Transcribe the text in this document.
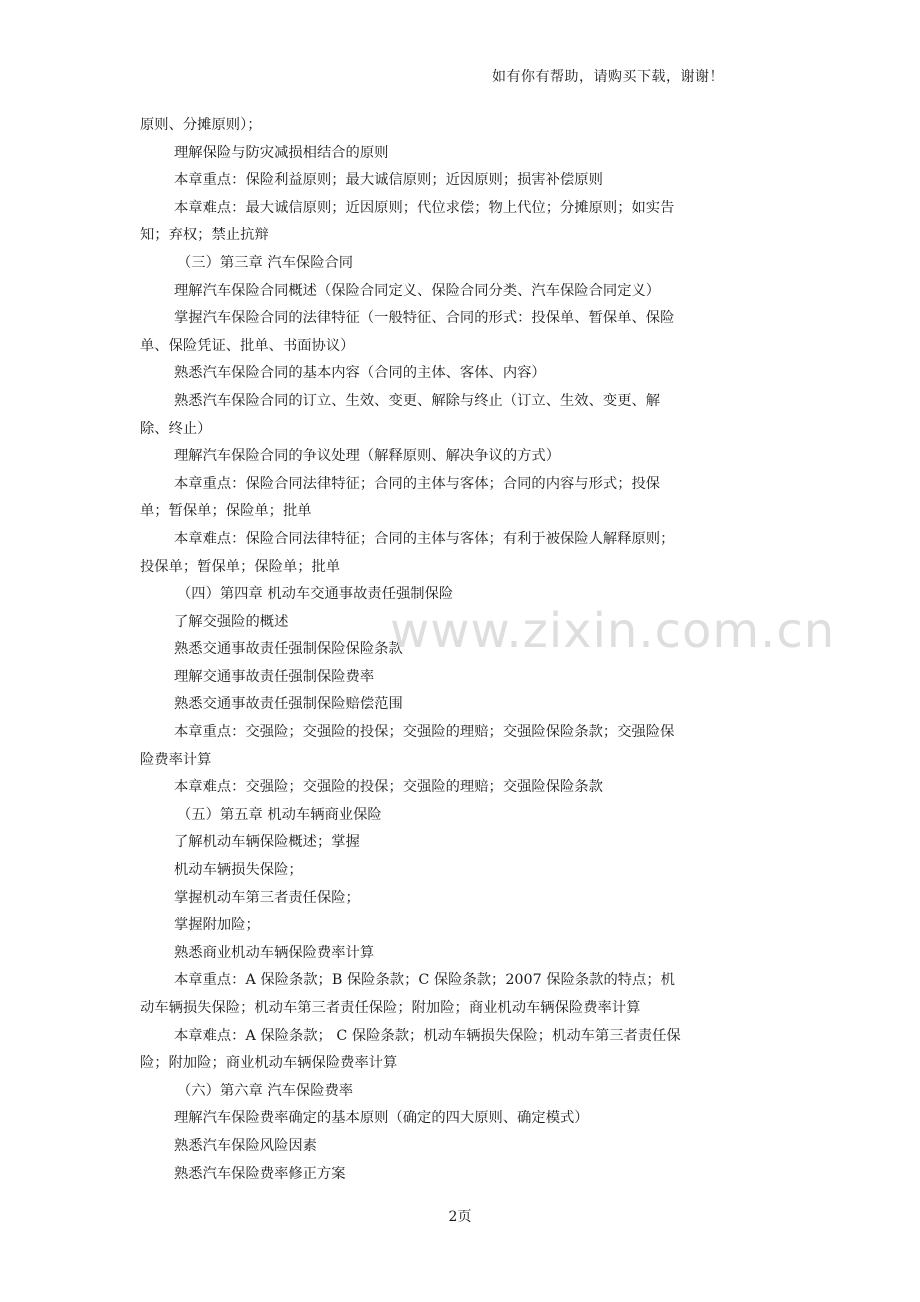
如有你有帮助，请购买下载，谢谢！

原则、分摊原则）；

理解保险与防灾减损相结合的原则

本章重点：保险利益原则；最大诚信原则；近因原则；损害补偿原则

本章难点：最大诚信原则；近因原则；代位求偿；物上代位；分摊原则；如实告知；弃权；禁止抗辩

（三）第三章 汽车保险合同

理解汽车保险合同概述（保险合同定义、保险合同分类、汽车保险合同定义）

掌握汽车保险合同的法律特征（一般特征、合同的形式：投保单、暂保单、保险单、保险凭证、批单、书面协议）

熟悉汽车保险合同的基本内容（合同的主体、客体、内容）

熟悉汽车保险合同的订立、生效、变更、解除与终止（订立、生效、变更、解除、终止）

理解汽车保险合同的争议处理（解释原则、解决争议的方式）

本章重点：保险合同法律特征；合同的主体与客体；合同的内容与形式；投保单；暂保单；保险单；批单

本章难点：保险合同法律特征；合同的主体与客体；有利于被保险人解释原则；投保单；暂保单；保险单；批单

（四）第四章 机动车交通事故责任强制保险

了解交强险的概述

熟悉交通事故责任强制保险保险条款

理解交通事故责任强制保险费率

熟悉交通事故责任强制保险赔偿范围

本章重点：交强险；交强险的投保；交强险的理赔；交强险保险条款；交强险保险费率计算

本章难点：交强险；交强险的投保；交强险的理赔；交强险保险条款

（五）第五章 机动车辆商业保险

了解机动车辆保险概述；掌握

机动车辆损失保险；

掌握机动车第三者责任保险；

掌握附加险；

熟悉商业机动车辆保险费率计算

本章重点：A 保险条款；B 保险条款；C 保险条款；2007 保险条款的特点；机动车辆损失保险；机动车第三者责任保险；附加险；商业机动车辆保险费率计算

本章难点：A 保险条款； C 保险条款；机动车辆损失保险；机动车第三者责任保险；附加险；商业机动车辆保险费率计算

（六）第六章 汽车保险费率

理解汽车保险费率确定的基本原则（确定的四大原则、确定模式）

熟悉汽车保险风险因素

熟悉汽车保险费率修正方案

www.zixin.com.cn
2页
